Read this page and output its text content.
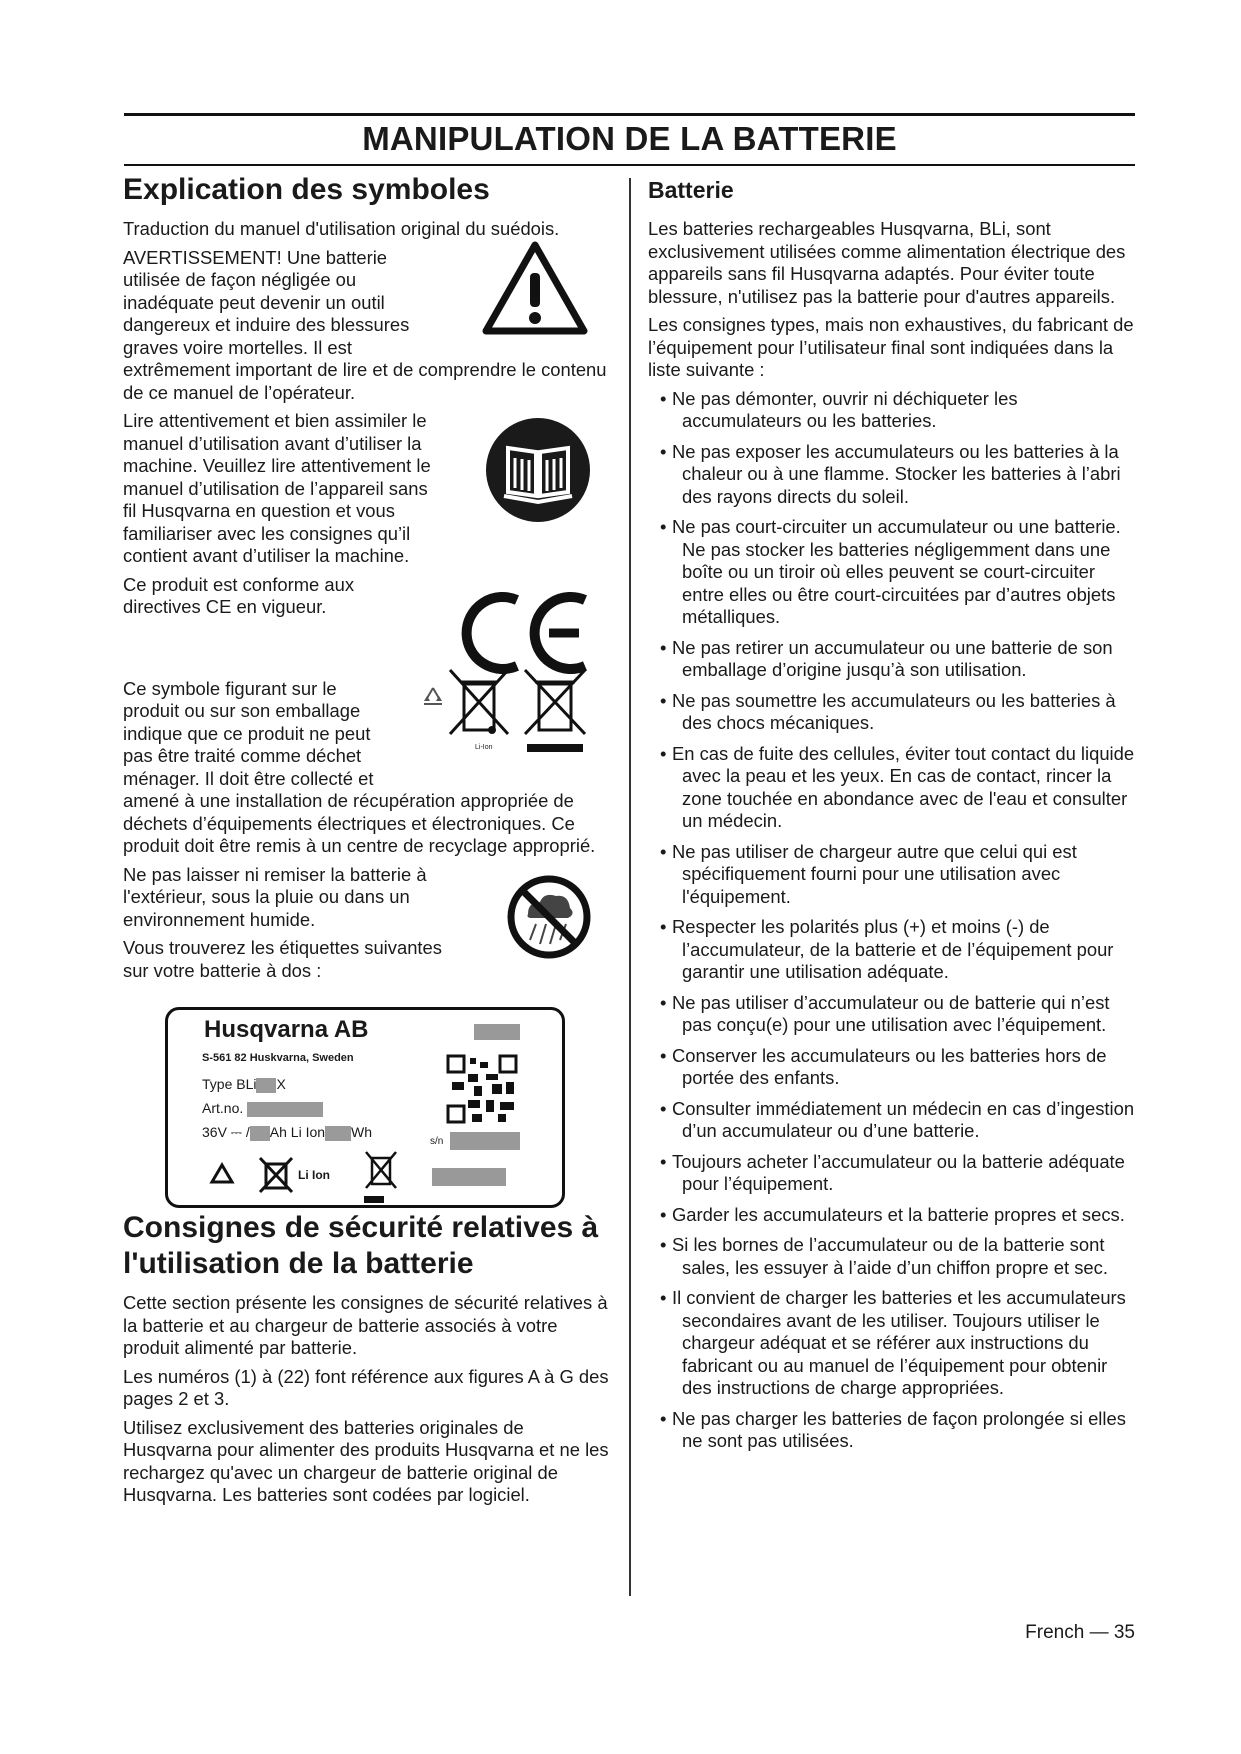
MANIPULATION DE LA BATTERIE
Explication des symboles

Traduction du manuel d'utilisation original du suédois.

AVERTISSEMENT! Une batterie utilisée de façon négligée ou inadéquate peut devenir un outil dangereux et induire des blessures graves voire mortelles. Il est

extrêmement important de lire et de comprendre le contenu de ce manuel de l’opérateur.

Lire attentivement et bien assimiler le manuel d’utilisation avant d’utiliser la machine. Veuillez lire attentivement le manuel d’utilisation de l’appareil sans fil Husqvarna en question et vous familiariser avec les consignes qu’il contient avant d’utiliser la machine.

Ce produit est conforme aux directives CE en vigueur.

Ce symbole figurant sur le produit ou sur son emballage indique que ce produit ne peut pas être traité comme déchet ménager. Il doit être collecté et

amené à une installation de récupération appropriée de déchets d’équipements électriques et électroniques. Ce produit doit être remis à un centre de recyclage approprié.

Li-Ion

Ne pas laisser ni remiser la batterie à l'extérieur, sous la pluie ou dans un environnement humide.

Vous trouverez les étiquettes suivantes sur votre batterie à dos :

Husqvarna AB
S-561 82 Huskvarna, Sweden
Type BLi X
Art.no.
36V ⎓ / Ah Li Ion Wh
s/n
Li Ion
Consignes de sécurité relatives à l'utilisation de la batterie

Cette section présente les consignes de sécurité relatives à la batterie et au chargeur de batterie associés à votre produit alimenté par batterie.

Les numéros (1) à (22) font référence aux figures A à G des pages 2 et 3.

Utilisez exclusivement des batteries originales de Husqvarna pour alimenter des produits Husqvarna et ne les rechargez qu'avec un chargeur de batterie original de Husqvarna. Les batteries sont codées par logiciel.

Batterie

Les batteries rechargeables Husqvarna, BLi, sont exclusivement utilisées comme alimentation électrique des appareils sans fil Husqvarna adaptés. Pour éviter toute blessure, n'utilisez pas la batterie pour d'autres appareils.

Les consignes types, mais non exhaustives, du fabricant de l’équipement pour l’utilisateur final sont indiquées dans la liste suivante :

• Ne pas démonter, ouvrir ni déchiqueter les accumulateurs ou les batteries.
• Ne pas exposer les accumulateurs ou les batteries à la chaleur ou à une flamme. Stocker les batteries à l’abri des rayons directs du soleil.
• Ne pas court-circuiter un accumulateur ou une batterie. Ne pas stocker les batteries négligemment dans une boîte ou un tiroir où elles peuvent se court-circuiter entre elles ou être court-circuitées par d’autres objets métalliques.
• Ne pas retirer un accumulateur ou une batterie de son emballage d’origine jusqu’à son utilisation.
• Ne pas soumettre les accumulateurs ou les batteries à des chocs mécaniques.
• En cas de fuite des cellules, éviter tout contact du liquide avec la peau et les yeux. En cas de contact, rincer la zone touchée en abondance avec de l'eau et consulter un médecin.
• Ne pas utiliser de chargeur autre que celui qui est spécifiquement fourni pour une utilisation avec l'équipement.
• Respecter les polarités plus (+) et moins (-) de l’accumulateur, de la batterie et de l’équipement pour garantir une utilisation adéquate.
• Ne pas utiliser d’accumulateur ou de batterie qui n’est pas conçu(e) pour une utilisation avec l’équipement.
• Conserver les accumulateurs ou les batteries hors de portée des enfants.
• Consulter immédiatement un médecin en cas d’ingestion d’un accumulateur ou d’une batterie.
• Toujours acheter l’accumulateur ou la batterie adéquate pour l’équipement.
• Garder les accumulateurs et la batterie propres et secs.
• Si les bornes de l’accumulateur ou de la batterie sont sales, les essuyer à l’aide d’un chiffon propre et sec.
• Il convient de charger les batteries et les accumulateurs secondaires avant de les utiliser. Toujours utiliser le chargeur adéquat et se référer aux instructions du fabricant ou au manuel de l’équipement pour obtenir des instructions de charge appropriées.
• Ne pas charger les batteries de façon prolongée si elles ne sont pas utilisées.
French — 35
